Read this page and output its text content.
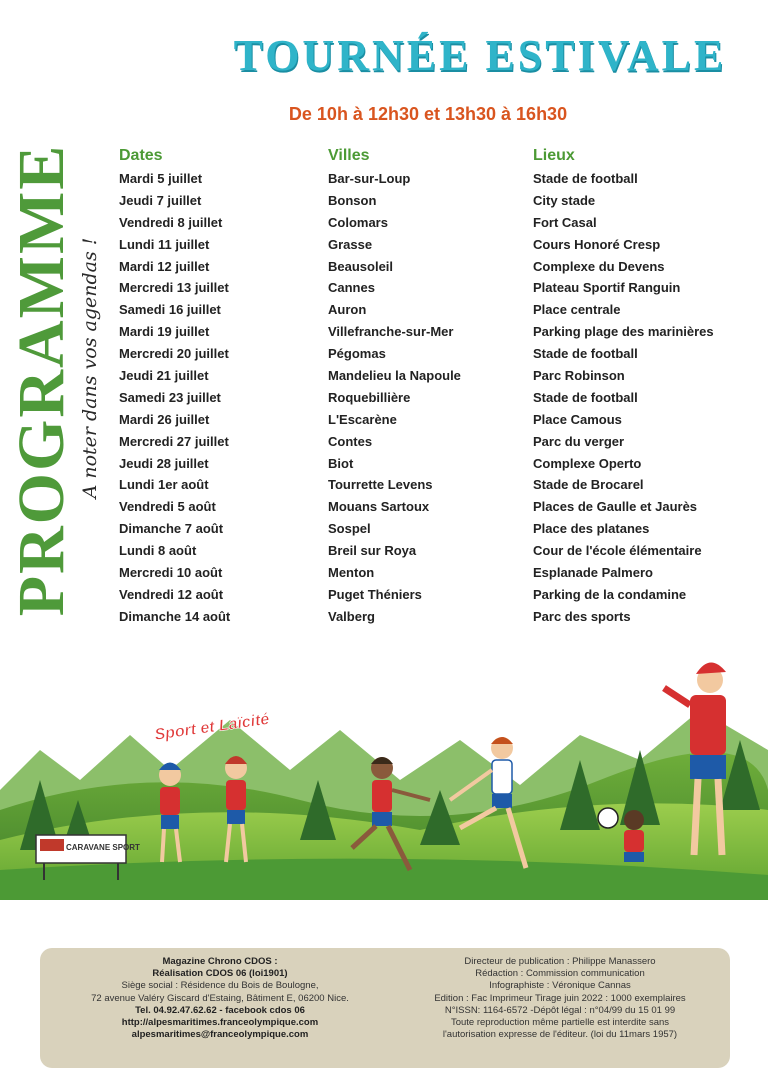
TOURNÉE ESTIVALE
De 10h à 12h30 et 13h30 à 16h30
PROGRAMME A noter dans vos agendas !
Dates
Mardi 5 juillet
Jeudi 7 juillet
Vendredi 8 juillet
Lundi 11 juillet
Mardi 12 juillet
Mercredi 13 juillet
Samedi 16 juillet
Mardi 19 juillet
Mercredi 20 juillet
Jeudi 21 juillet
Samedi 23 juillet
Mardi 26 juillet
Mercredi 27 juillet
Jeudi 28 juillet
Lundi 1er août
Vendredi 5 août
Dimanche 7 août
Lundi 8 août
Mercredi 10 août
Vendredi 12 août
Dimanche 14 août
Villes
Bar-sur-Loup
Bonson
Colomars
Grasse
Beausoleil
Cannes
Auron
Villefranche-sur-Mer
Pégomas
Mandelieu la Napoule
Roquebillière
L'Escarène
Contes
Biot
Tourrette Levens
Mouans Sartoux
Sospel
Breil sur Roya
Menton
Puget Théniers
Valberg
Lieux
Stade de football
City stade
Fort Casal
Cours Honoré Cresp
Complexe du Devens
Plateau Sportif Ranguin
Place centrale
Parking plage des marinières
Stade de football
Parc Robinson
Stade de football
Place Camous
Parc du verger
Complexe Operto
Stade de Brocarel
Places de Gaulle et Jaurès
Place des platanes
Cour de l'école élémentaire
Esplanade Palmero
Parking de la condamine
Parc des sports
CARAVANE SPORT
Sport et Laïcité
Magazine Chrono CDOS :
Réalisation CDOS 06 (loi1901)
Siège social : Résidence du Bois de Boulogne,
72 avenue Valéry Giscard d'Estaing, Bâtiment E, 06200 Nice.
Tel. 04.92.47.62.62 - facebook cdos 06
http://alpesmaritimes.franceolympique.com
alpesmaritimes@franceolympique.com
Directeur de publication : Philippe Manassero
Rédaction : Commission communication
Infographiste : Véronique Cannas
Edition : Fac Imprimeur Tirage juin 2022 : 1000 exemplaires
N°ISSN: 1164-6572 -Dépôt légal : n°04/99 du 15 01 99
Toute reproduction même partielle est interdite sans
l'autorisation expresse de l'éditeur. (loi du 11mars 1957)
